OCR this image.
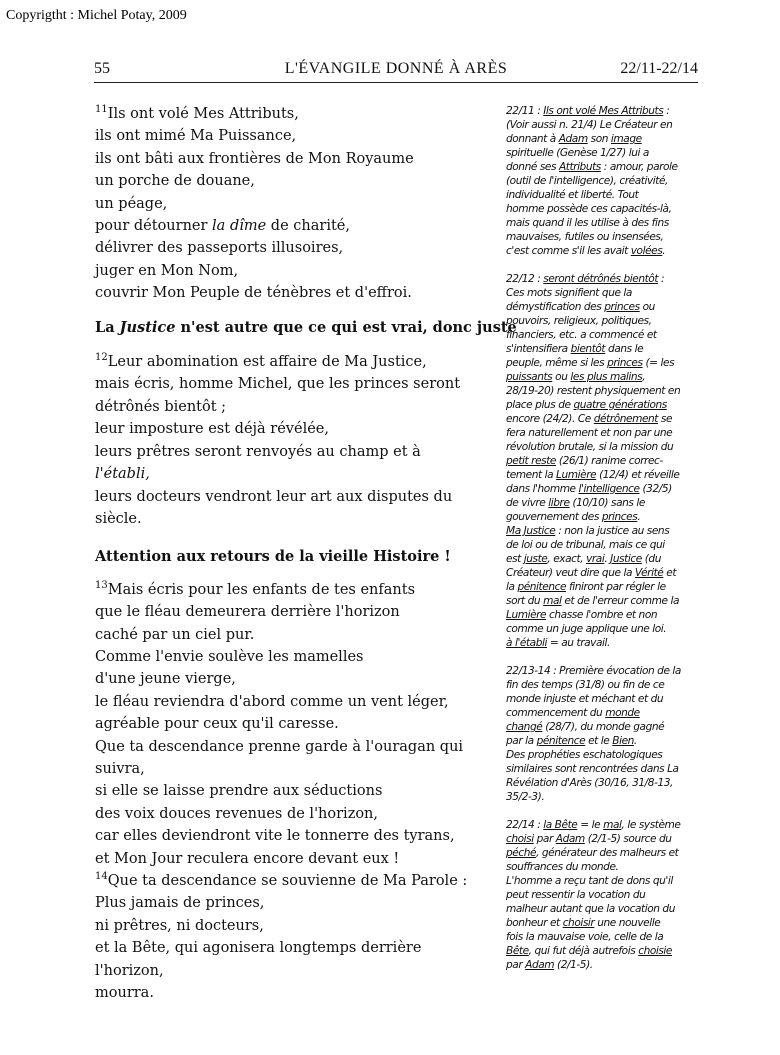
Copyrigtht : Michel Potay, 2009
55	L'ÉVANGILE DONNÉ À ARÈS	22/11-22/14
$^{11}$Ils ont volé Mes Attributs,
ils ont mimé Ma Puissance,
ils ont bâti aux frontières de Mon Royaume
un porche de douane,
un péage,
pour détourner la dîme de charité,
délivrer des passeports illusoires,
juger en Mon Nom,
couvrir Mon Peuple de ténèbres et d'effroi.
La Justice n'est autre que ce qui est vrai, donc juste
$^{12}$Leur abomination est affaire de Ma Justice,
mais écris, homme Michel, que les princes seront
détrônés bientôt ;
leur imposture est déjà révélée,
leurs prêtres seront renvoyés au champ et à
l'établi,
leurs docteurs vendront leur art aux disputes du
siècle.
Attention aux retours de la vieille Histoire !
$^{13}$Mais écris pour les enfants de tes enfants
que le fléau demeurera derrière l'horizon
caché par un ciel pur.
Comme l'envie soulève les mamelles
d'une jeune vierge,
le fléau reviendra d'abord comme un vent léger,
agréable pour ceux qu'il caresse.
Que ta descendance prenne garde à l'ouragan qui
suivra,
si elle se laisse prendre aux séductions
des voix douces revenues de l'horizon,
car elles deviendront vite le tonnerre des tyrans,
et Mon Jour reculera encore devant eux !
$^{14}$Que ta descendance se souvienne de Ma Parole :
Plus jamais de princes,
ni prêtres, ni docteurs,
et la Bête, qui agonisera longtemps derrière
l'horizon,
mourra.
22/11 : Ils ont volé Mes Attributs :
(Voir aussi n. 21/4) Le Créateur en
donnant à Adam son image
spirituelle (Genèse 1/27) lui a
donné ses Attributs : amour, parole
(outil de l'intelligence), créativité,
individualité et liberté. Tout
homme possède ces capacités-là,
mais quand il les utilise à des fins
mauvaises, futiles ou insensées,
c'est comme s'il les avait volées.
22/12 : seront détrônés bientôt :
Ces mots signifient que la
démystification des princes ou
pouvoirs, religieux, politiques,
financiers, etc. a commencé et
s'intensifiera bientôt dans le
peuple, même si les princes (= les
puissants ou les plus malins,
28/19-20) restent physiquement en
place plus de quatre générations
encore (24/2). Ce détrônement se
fera naturellement et non par une
révolution brutale, si la mission du
petit reste (26/1) ranime correc-
tement la Lumière (12/4) et réveille
dans l'homme l'intelligence (32/5)
de vivre libre (10/10) sans le
gouvernement des princes.
Ma Justice : non la justice au sens
de loi ou de tribunal, mais ce qui
est juste, exact, vrai. Justice (du
Créateur) veut dire que la Vérité et
la pénitence finiront par régler le
sort du mal et de l'erreur comme la
Lumière chasse l'ombre et non
comme un juge applique une loi.
à l'établi = au travail.
22/13-14 : Première évocation de la
fin des temps (31/8) ou fin de ce
monde injuste et méchant et du
commencement du monde
changé (28/7), du monde gagné
par la pénitence et le Bien.
Des prophéties eschatologiques
similaires sont rencontrées dans La
Révélation d'Arès (30/16, 31/8-13,
35/2-3).
22/14 : la Bête = le mal, le système
choisi par Adam (2/1-5) source du
péché, générateur des malheurs et
souffrances du monde.
L'homme a reçu tant de dons qu'il
peut ressentir la vocation du
malheur autant que la vocation du
bonheur et choisir une nouvelle
fois la mauvaise voie, celle de la
Bête, qui fut déjà autrefois choisie
par Adam (2/1-5).
